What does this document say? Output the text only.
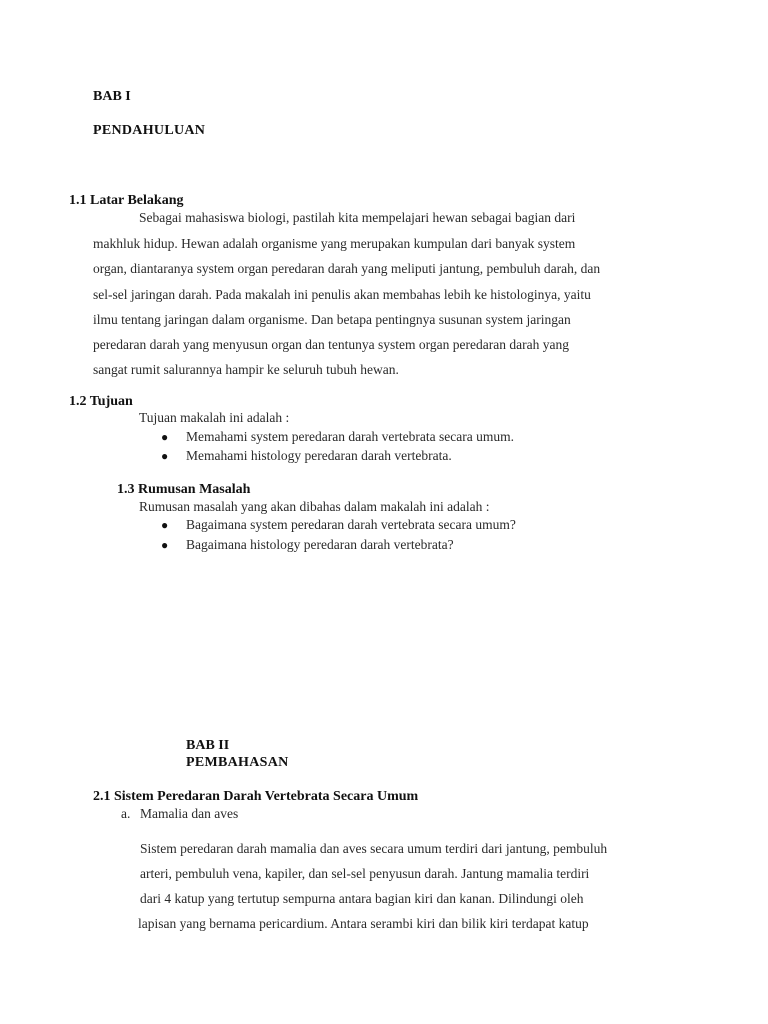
BAB I
PENDAHULUAN
1.1 Latar Belakang
Sebagai mahasiswa biologi, pastilah kita mempelajari hewan sebagai bagian dari
makhluk hidup. Hewan adalah organisme yang merupakan kumpulan dari banyak system
organ, diantaranya system organ peredaran darah yang meliputi jantung, pembuluh darah, dan
sel-sel jaringan darah. Pada makalah ini penulis akan membahas lebih ke histologinya, yaitu
ilmu tentang jaringan dalam organisme. Dan betapa pentingnya susunan system jaringan
peredaran darah yang menyusun organ dan tentunya system organ peredaran darah yang
sangat rumit salurannya hampir ke seluruh tubuh hewan.
1.2 Tujuan
Tujuan makalah ini adalah :
● Memahami system peredaran darah vertebrata secara umum.
● Memahami histology peredaran darah vertebrata.
1.3 Rumusan Masalah
Rumusan masalah yang akan dibahas dalam makalah ini adalah :
● Bagaimana system peredaran darah vertebrata secara umum?
● Bagaimana histology peredaran darah vertebrata?
BAB II
PEMBAHASAN
2.1 Sistem Peredaran Darah Vertebrata Secara Umum
a. Mamalia dan aves
Sistem peredaran darah mamalia dan aves secara umum terdiri dari jantung, pembuluh
arteri, pembuluh vena, kapiler, dan sel-sel penyusun darah. Jantung mamalia terdiri
dari 4 katup yang tertutup sempurna antara bagian kiri dan kanan. Dilindungi oleh
lapisan yang bernama pericardium. Antara serambi kiri dan bilik kiri terdapat katup
